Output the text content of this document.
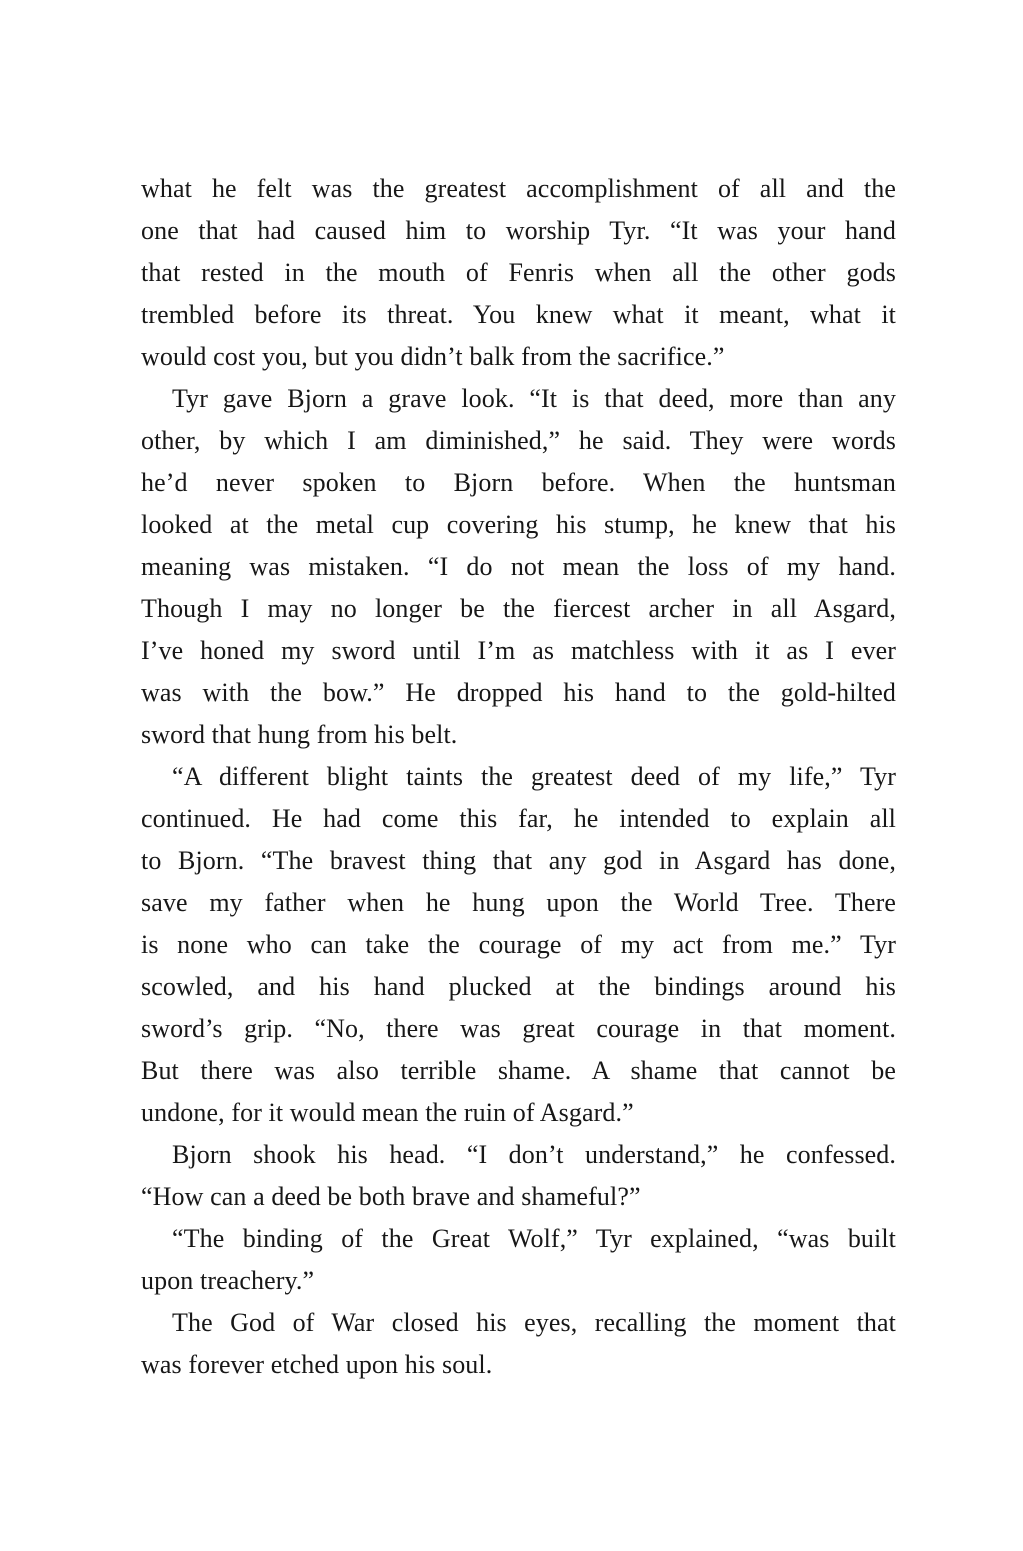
what he felt was the greatest accomplishment of all and the
one that had caused him to worship Tyr. “It was your hand
that rested in the mouth of Fenris when all the other gods
trembled before its threat. You knew what it meant, what it
would cost you, but you didn’t balk from the sacrifice.”
Tyr gave Bjorn a grave look. “It is that deed, more than any
other, by which I am diminished,” he said. They were words
he’d never spoken to Bjorn before. When the huntsman
looked at the metal cup covering his stump, he knew that his
meaning was mistaken. “I do not mean the loss of my hand.
Though I may no longer be the fiercest archer in all Asgard,
I’ve honed my sword until I’m as matchless with it as I ever
was with the bow.” He dropped his hand to the gold-hilted
sword that hung from his belt.
“A different blight taints the greatest deed of my life,” Tyr
continued. He had come this far, he intended to explain all
to Bjorn. “The bravest thing that any god in Asgard has done,
save my father when he hung upon the World Tree. There
is none who can take the courage of my act from me.” Tyr
scowled, and his hand plucked at the bindings around his
sword’s grip. “No, there was great courage in that moment.
But there was also terrible shame. A shame that cannot be
undone, for it would mean the ruin of Asgard.”
Bjorn shook his head. “I don’t understand,” he confessed.
“How can a deed be both brave and shameful?”
“The binding of the Great Wolf,” Tyr explained, “was built
upon treachery.”
The God of War closed his eyes, recalling the moment that
was forever etched upon his soul.
